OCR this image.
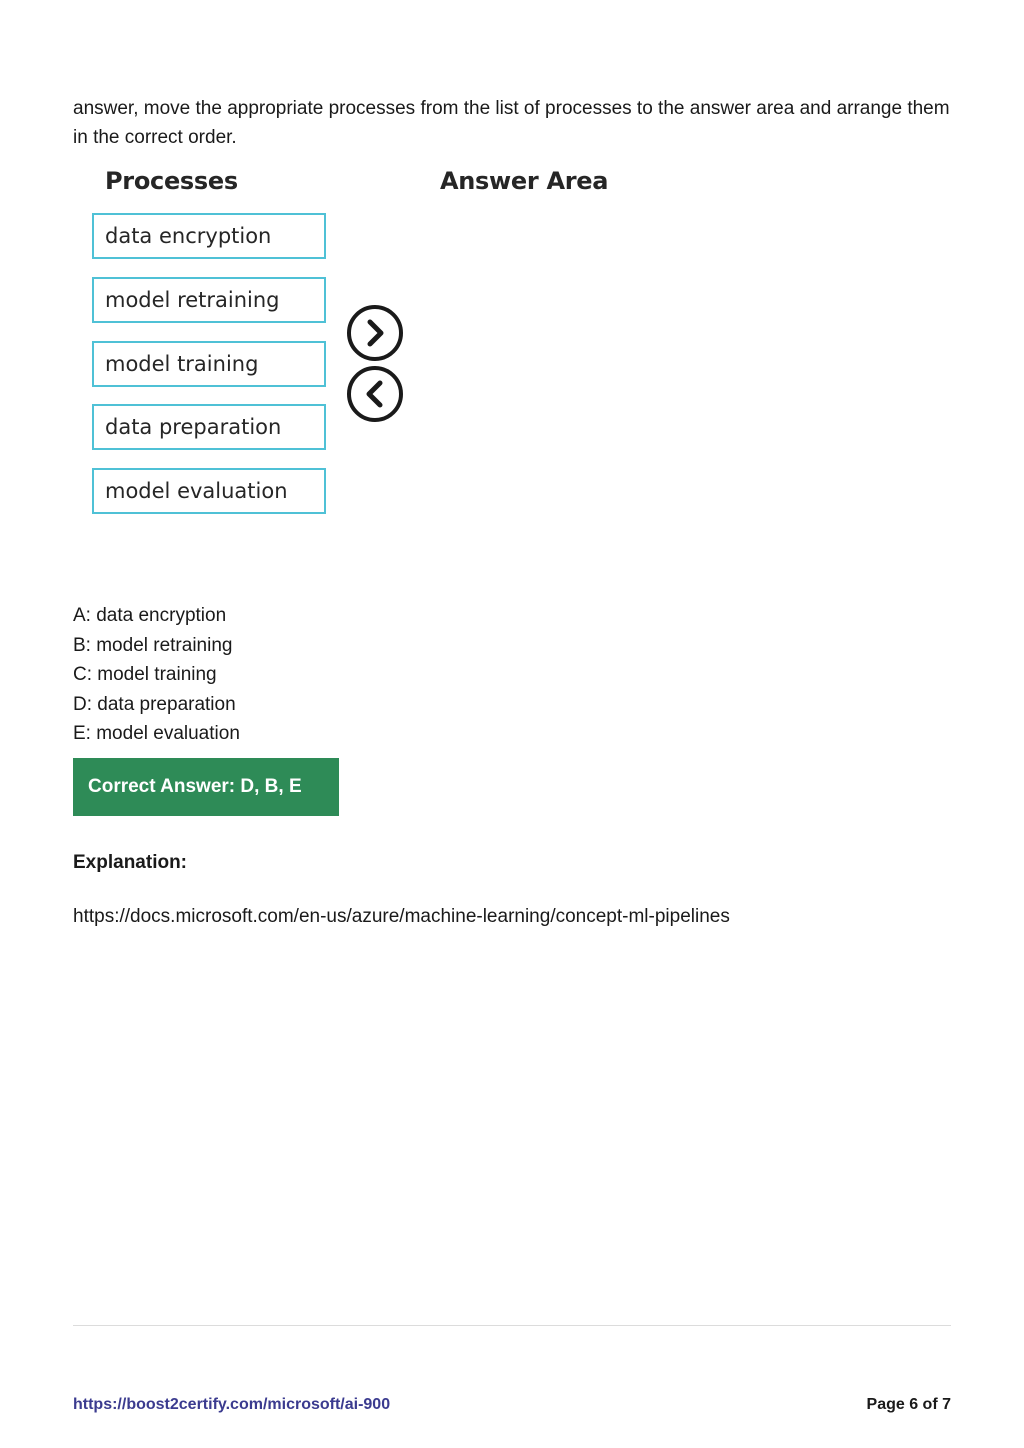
answer, move the appropriate processes from the list of processes to the answer area and arrange them in the correct order.

Processes	Answer Area
data encryption
model retraining
model training
data preparation
model evaluation
A: data encryption
B: model retraining
C: model training
D: data preparation
E: model evaluation
Correct Answer: D, B, E
Explanation:
https://docs.microsoft.com/en-us/azure/machine-learning/concept-ml-pipelines
https://boost2certify.com/microsoft/ai-900	Page 6 of 7
